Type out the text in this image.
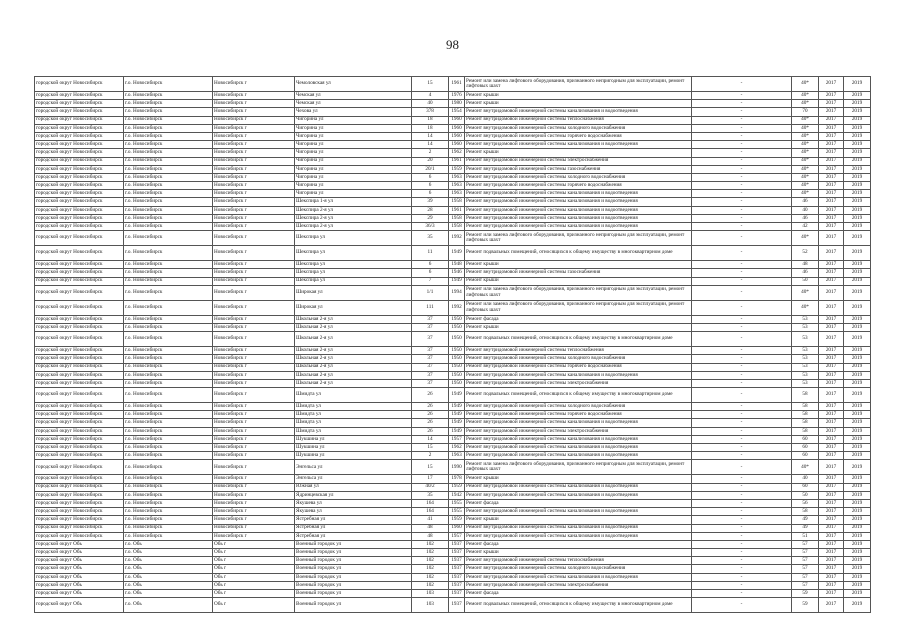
98
городской округ Новосибирск	г.о. Новосибирск	Новосибирск г	Чемоловская ул	15	1961	Ремонт или замена лифтового оборудования, признанного непригодным для эксплуатации, ремонт лифтовых шахт	-	40*	2017	2019
городской округ Новосибирск	г.о. Новосибирск	Новосибирск г	Чемская ул	4	1976	Ремонт крыши	-	40*	2017	2019
городской округ Новосибирск	г.о. Новосибирск	Новосибирск г	Чемская ул	40	1980	Ремонт крыши	-	40*	2017	2019
городской округ Новосибирск	г.о. Новосибирск	Новосибирск г	Чехова ул	378	1954	Ремонт внутридомовой инженерной системы канализования и водоотведения	-	70	2017	2019
городской округ Новосибирск	г.о. Новосибирск	Новосибирск г	Чигорина ул	18	1960	Ремонт внутридомовой инженерной системы теплоснабжения	-	40*	2017	2019
городской округ Новосибирск	г.о. Новосибирск	Новосибирск г	Чигорина ул	18	1960	Ремонт внутридомовой инженерной системы холодного водоснабжения	-	40*	2017	2019
городской округ Новосибирск	г.о. Новосибирск	Новосибирск г	Чигорина ул	14	1960	Ремонт внутридомовой инженерной системы горячего водоснабжения	-	40*	2017	2019
городской округ Новосибирск	г.о. Новосибирск	Новосибирск г	Чигорина ул	14	1960	Ремонт внутридомовой инженерной системы канализования и водоотведения	-	40*	2017	2019
городской округ Новосибирск	г.о. Новосибирск	Новосибирск г	Чигорина ул	2	1962	Ремонт крыши	-	40*	2017	2019
городской округ Новосибирск	г.о. Новосибирск	Новосибирск г	Чигорина ул	20	1961	Ремонт внутридомовой инженерной системы электроснабжения	-	40*	2017	2019
городской округ Новосибирск	г.о. Новосибирск	Новосибирск г	Чигорина ул	20/1	1959	Ремонт внутридомовой инженерной системы газоснабжения	-	40*	2017	2019
городской округ Новосибирск	г.о. Новосибирск	Новосибирск г	Чигорина ул	6	1963	Ремонт внутридомовой инженерной системы холодного водоснабжения	-	40*	2017	2019
городской округ Новосибирск	г.о. Новосибирск	Новосибирск г	Чигорина ул	6	1963	Ремонт внутридомовой инженерной системы горячего водоснабжения	-	40*	2017	2019
городской округ Новосибирск	г.о. Новосибирск	Новосибирск г	Чигорина ул	6	1963	Ремонт внутридомовой инженерной системы канализования и водоотведения	-	40*	2017	2019
городской округ Новосибирск	г.о. Новосибирск	Новосибирск г	Шекспира 1-я ул	39	1958	Ремонт внутридомовой инженерной системы канализования и водоотведения	-	46	2017	2019
городской округ Новосибирск	г.о. Новосибирск	Новосибирск г	Шекспира 2-я ул	28	1961	Ремонт внутридомовой инженерной системы канализования и водоотведения	-	40	2017	2019
городской округ Новосибирск	г.о. Новосибирск	Новосибирск г	Шекспира 2-я ул	29	1958	Ремонт внутридомовой инженерной системы канализования и водоотведения	-	46	2017	2019
городской округ Новосибирск	г.о. Новосибирск	Новосибирск г	Шекспира 2-я ул	36/3	1958	Ремонт внутридомовой инженерной системы канализования и водоотведения	-	42	2017	2019
городской округ Новосибирск	г.о. Новосибирск	Новосибирск г	Шекспира ул	35	1992	Ремонт или замена лифтового оборудования, признанного непригодным для эксплуатации, ремонт лифтовых шахт	-	40*	2017	2019
городской округ Новосибирск	г.о. Новосибирск	Новосибирск г	Шекспира ул	11	1949	Ремонт подвальных помещений, относящихся к общему имуществу в многоквартирном доме	-	52	2017	2019
городской округ Новосибирск	г.о. Новосибирск	Новосибирск г	Шекспира ул	6	1948	Ремонт крыши	-	48	2017	2019
городской округ Новосибирск	г.о. Новосибирск	Новосибирск г	Шекспира ул	6	1946	Ремонт внутридомовой инженерной системы газоснабжения	-	46	2017	2019
городской округ Новосибирск	г.о. Новосибирск	Новосибирск г	Шекспира ул	7	1949	Ремонт крыши	-	50	2017	2019
городской округ Новосибирск	г.о. Новосибирск	Новосибирск г	Широкая ул	1/1	1994	Ремонт или замена лифтового оборудования, признанного непригодным для эксплуатации, ремонт лифтовых шахт	-	40*	2017	2019
городской округ Новосибирск	г.о. Новосибирск	Новосибирск г	Широкая ул	111	1992	Ремонт или замена лифтового оборудования, признанного непригодным для эксплуатации, ремонт лифтовых шахт	-	40*	2017	2019
городской округ Новосибирск	г.о. Новосибирск	Новосибирск г	Школьная 2-я ул	37	1950	Ремонт фасада	-	53	2017	2019
городской округ Новосибирск	г.о. Новосибирск	Новосибирск г	Школьная 2-я ул	37	1950	Ремонт крыши	-	53	2017	2019
городской округ Новосибирск	г.о. Новосибирск	Новосибирск г	Школьная 2-я ул	37	1950	Ремонт подвальных помещений, относящихся к общему имуществу в многоквартирном доме	-	53	2017	2019
городской округ Новосибирск	г.о. Новосибирск	Новосибирск г	Школьная 2-я ул	37	1950	Ремонт внутридомовой инженерной системы теплоснабжения	-	53	2017	2019
городской округ Новосибирск	г.о. Новосибирск	Новосибирск г	Школьная 2-я ул	37	1950	Ремонт внутридомовой инженерной системы холодного водоснабжения	-	53	2017	2019
городской округ Новосибирск	г.о. Новосибирск	Новосибирск г	Школьная 2-я ул	37	1950	Ремонт внутридомовой инженерной системы горячего водоснабжения	-	53	2017	2019
городской округ Новосибирск	г.о. Новосибирск	Новосибирск г	Школьная 2-я ул	37	1950	Ремонт внутридомовой инженерной системы канализования и водоотведения	-	53	2017	2019
городской округ Новосибирск	г.о. Новосибирск	Новосибирск г	Школьная 2-я ул	37	1950	Ремонт внутридомовой инженерной системы электроснабжения	-	53	2017	2019
городской округ Новосибирск	г.о. Новосибирск	Новосибирск г	Шмидта ул	26	1949	Ремонт подвальных помещений, относящихся к общему имуществу в многоквартирном доме	-	58	2017	2019
городской округ Новосибирск	г.о. Новосибирск	Новосибирск г	Шмидта ул	26	1949	Ремонт внутридомовой инженерной системы холодного водоснабжения	-	58	2017	2019
городской округ Новосибирск	г.о. Новосибирск	Новосибирск г	Шмидта ул	26	1949	Ремонт внутридомовой инженерной системы горячего водоснабжения	-	58	2017	2019
городской округ Новосибирск	г.о. Новосибирск	Новосибирск г	Шмидта ул	26	1949	Ремонт внутридомовой инженерной системы канализования и водоотведения	-	58	2017	2019
городской округ Новосибирск	г.о. Новосибирск	Новосибирск г	Шмидта ул	26	1949	Ремонт внутридомовой инженерной системы электроснабжения	-	58	2017	2019
городской округ Новосибирск	г.о. Новосибирск	Новосибирск г	Шукшина ул	14	1957	Ремонт внутридомовой инженерной системы канализования и водоотведения	-	60	2017	2019
городской округ Новосибирск	г.о. Новосибирск	Новосибирск г	Шукшина ул	15	1962	Ремонт внутридомовой инженерной системы канализования и водоотведения	-	60	2017	2019
городской округ Новосибирск	г.о. Новосибирск	Новосибирск г	Шукшина ул	2	1963	Ремонт внутридомовой инженерной системы канализования и водоотведения	-	60	2017	2019
городской округ Новосибирск	г.о. Новосибирск	Новосибирск г	Энгельса ул	15	1990	Ремонт или замена лифтового оборудования, признанного непригодным для эксплуатации, ремонт лифтовых шахт	-	40*	2017	2019
городской округ Новосибирск	г.о. Новосибирск	Новосибирск г	Энгельса ул	17	1978	Ремонт крыши	-	40	2017	2019
городской округ Новосибирск	г.о. Новосибирск	Новосибирск г	Южная ул	40/2	1959	Ремонт внутридомовой инженерной системы канализования и водоотведения	-	60	2017	2019
городской округ Новосибирск	г.о. Новосибирск	Новосибирск г	Ядринцевская ул	35	1942	Ремонт внутридомовой инженерной системы канализования и водоотведения	-	50	2017	2019
городской округ Новосибирск	г.о. Новосибирск	Новосибирск г	Якушева ул	164	1955	Ремонт фасада	-	56	2017	2019
городской округ Новосибирск	г.о. Новосибирск	Новосибирск г	Якушева ул	164	1955	Ремонт внутридомовой инженерной системы канализования и водоотведения	-	58	2017	2019
городской округ Новосибирск	г.о. Новосибирск	Новосибирск г	Ястребная ул	41	1959	Ремонт крыши	-	49	2017	2019
городской округ Новосибирск	г.о. Новосибирск	Новосибирск г	Ястребная ул	48	1960	Ремонт внутридомовой инженерной системы канализования и водоотведения	-	49	2017	2019
городской округ Новосибирск	г.о. Новосибирск	Новосибирск г	Ястребная ул	48	1957	Ремонт внутридомовой инженерной системы канализования и водоотведения	-	51	2017	2019
городской округ Обь	г.о. Обь	Обь г	Военный городок ул	102	1937	Ремонт фасада	-	57	2017	2019
городской округ Обь	г.о. Обь	Обь г	Военный городок ул	102	1937	Ремонт крыши	-	57	2017	2019
городской округ Обь	г.о. Обь	Обь г	Военный городок ул	102	1937	Ремонт внутридомовой инженерной системы теплоснабжения	-	57	2017	2019
городской округ Обь	г.о. Обь	Обь г	Военный городок ул	102	1937	Ремонт внутридомовой инженерной системы холодного водоснабжения	-	57	2017	2019
городской округ Обь	г.о. Обь	Обь г	Военный городок ул	102	1937	Ремонт внутридомовой инженерной системы канализования и водоотведения	-	57	2017	2019
городской округ Обь	г.о. Обь	Обь г	Военный городок ул	102	1937	Ремонт внутридомовой инженерной системы электроснабжения	-	57	2017	2019
городской округ Обь	г.о. Обь	Обь г	Военный городок ул	103	1937	Ремонт фасада	-	59	2017	2019
городской округ Обь	г.о. Обь	Обь г	Военный городок ул	103	1937	Ремонт подвальных помещений, относящихся к общему имуществу в многоквартирном доме	-	59	2017	2019
